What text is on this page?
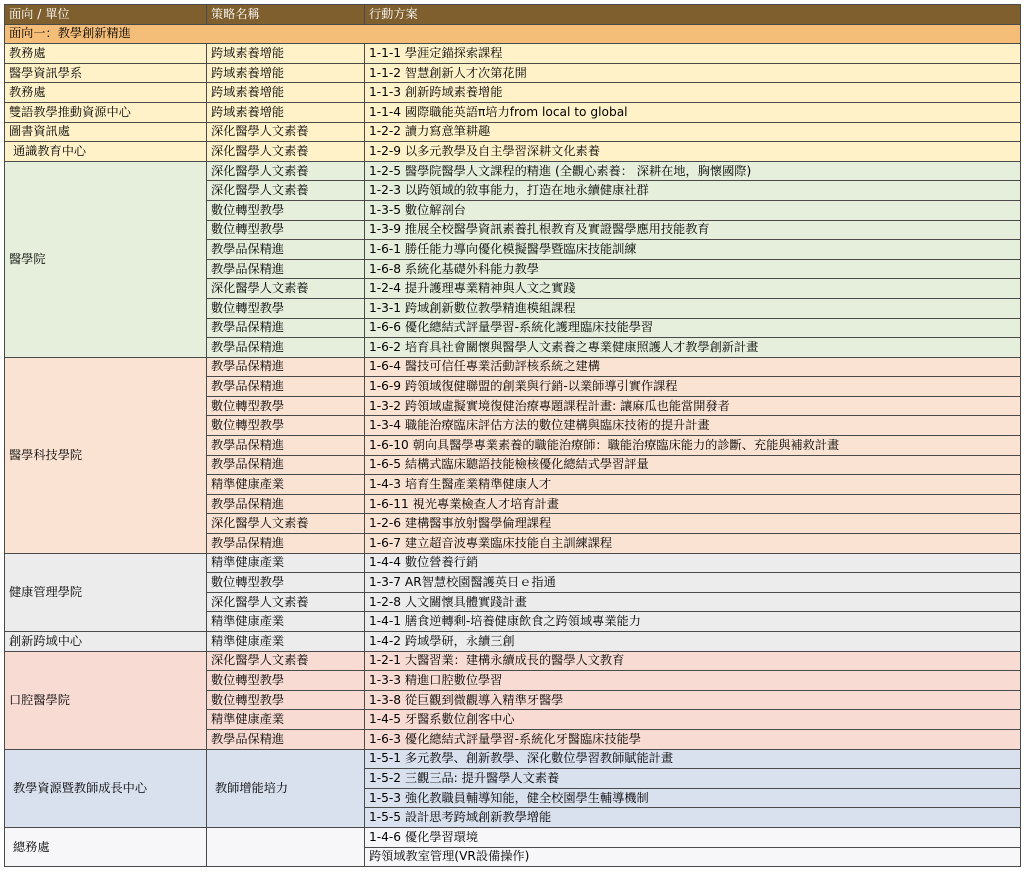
面向 / 單位	策略名稱	行動方案
面向一：教學創新精進		
教務處	跨域素養增能	1-1-1 學涯定錨探索課程
醫學資訊學系	跨域素養增能	1-1-2 智慧創新人才次第花開
教務處	跨域素養增能	1-1-3 創新跨域素養增能
雙語教學推動資源中心	跨域素養增能	1-1-4 國際職能英語π培力from local to global
圖書資訊處	深化醫學人文素養	1-2-2 讀力寫意筆耕趣
通識教育中心	深化醫學人文素養	1-2-9 以多元教學及自主學習深耕文化素養
醫學院	深化醫學人文素養	1-2-5 醫學院醫學人文課程的精進 (全觀心素養： 深耕在地，胸懷國際)
	深化醫學人文素養	1-2-3 以跨領域的敘事能力，打造在地永續健康社群
	數位轉型教學	1-3-5 數位解剖台
	數位轉型教學	1-3-9 推展全校醫學資訊素養扎根教育及實證醫學應用技能教育
	教學品保精進	1-6-1 勝任能力導向優化模擬醫學暨臨床技能訓練
	教學品保精進	1-6-8 系統化基礎外科能力教學
	深化醫學人文素養	1-2-4 提升護理專業精神與人文之實踐
	數位轉型教學	1-3-1 跨域創新數位教學精進模組課程
	教學品保精進	1-6-6 優化總結式評量學習-系統化護理臨床技能學習
	教學品保精進	1-6-2 培育具社會關懷與醫學人文素養之專業健康照護人才教學創新計畫
醫學科技學院	教學品保精進	1-6-4 醫技可信任專業活動評核系統之建構
	教學品保精進	1-6-9 跨領域復健聯盟的創業與行銷-以業師導引實作課程
	數位轉型教學	1-3-2 跨領域虛擬實境復健治療專題課程計畫: 讓麻瓜也能當開發者
	數位轉型教學	1-3-4 職能治療臨床評估方法的數位建構與臨床技術的提升計畫
	教學品保精進	1-6-10 朝向具醫學專業素養的職能治療師：職能治療臨床能力的診斷、充能與補救計畫
	教學品保精進	1-6-5 結構式臨床聽語技能檢核優化總結式學習評量
	精準健康產業	1-4-3 培育生醫產業精準健康人才
	教學品保精進	1-6-11 視光專業檢查人才培育計畫
	深化醫學人文素養	1-2-6 建構醫事放射醫學倫理課程
	教學品保精進	1-6-7 建立超音波專業臨床技能自主訓練課程
健康管理學院	精準健康產業	1-4-4 數位營養行銷
	數位轉型教學	1-3-7 AR智慧校園醫護英日ｅ指通
	深化醫學人文素養	1-2-8 人文關懷具體實踐計畫
	精準健康產業	1-4-1 膳食逆轉剩-培養健康飲食之跨領域專業能力
創新跨域中心	精準健康產業	1-4-2 跨域學研，永續三創
口腔醫學院	深化醫學人文素養	1-2-1 大醫習業：建構永續成長的醫學人文教育
	數位轉型教學	1-3-3 精進口腔數位學習
	數位轉型教學	1-3-8 從巨觀到微觀導入精準牙醫學
	精準健康產業	1-4-5 牙醫系數位創客中心
	教學品保精進	1-6-3 優化總結式評量學習-系統化牙醫臨床技能學
教學資源暨教師成長中心	教師增能培力	1-5-1 多元教學、創新教學、深化數位學習教師賦能計畫
		1-5-2 三觀三品: 提升醫學人文素養
		1-5-3 強化教職員輔導知能，健全校園學生輔導機制
		1-5-5 設計思考跨域創新教學增能
總務處		1-4-6 優化學習環境
		跨領域教室管理(VR設備操作)
